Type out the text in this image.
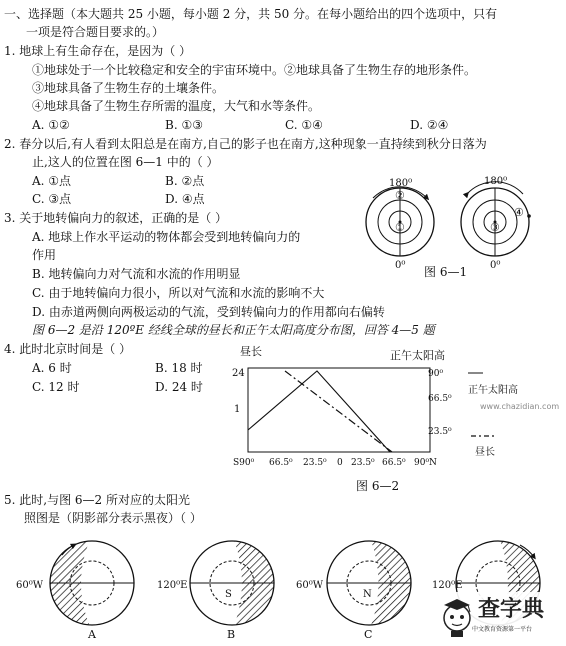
一、选择题（本大题共 25 小题，每小题 2 分，共 50 分。在每小题给出的四个选项中，只有
一项是符合题目要求的。）
1. 地球上有生命存在，是因为（ ）
①地球处于一个比较稳定和安全的宇宙环境中。②地球具备了生物生存的地形条件。
③地球具备了生物生存的土壤条件。
④地球具备了生物生存所需的温度，大气和水等条件。
A. ①②	B. ①③	C. ①④	D. ②④
2. 春分以后,有人看到太阳总是在南方,自己的影子也在南方,这种现象一直持续到秋分日落为
止,这人的位置在图 6—1 中的（ ）
A. ①点	B. ②点
C. ③点	D. ④点
3. 关于地转偏向力的叙述，正确的是（ ）
A. 地球上作水平运动的物体都会受到地转偏向力的
作用
B. 地转偏向力对气流和水流的作用明显
C. 由于地转偏向力很小，所以对气流和水流的影响不大
D. 由赤道两侧向两极运动的气流，受到转偏向力的作用都向右偏转
180⁰
0⁰
②
①
180⁰
0⁰
④
③
图 6—1
图 6—2 是沿 120ºE 经线全球的昼长和正午太阳高度分布图，回答 4—5 题
4. 此时北京时间是（ ）
A. 6 时	B. 18 时
C. 12 时	D. 24 时
昼长	正午太阳高
24
1
90⁰
66.5⁰
23.5⁰
S90⁰ 66.5⁰ 23.5⁰ 0 23.5⁰ 66.5⁰ 90⁰N
正午太阳高
昼长
www.chazidian.com
图 6—2
5. 此时,与图 6—2 所对应的太阳光
照图是（阴影部分表示黑夜）（ ）
60⁰W
A
120⁰E
S
B
60⁰W
N
C
120⁰E
查字典
中文教育资源第一平台
